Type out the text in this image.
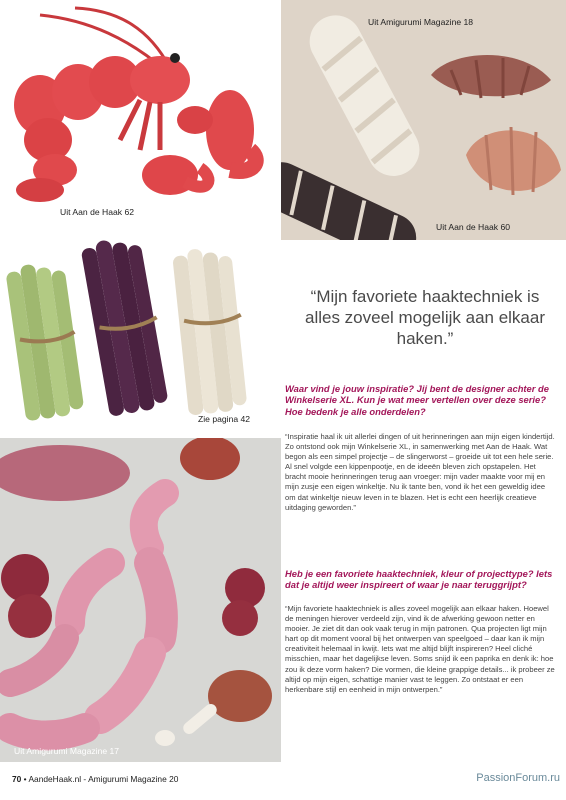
Uit Aan de Haak 62
Uit Amigurumi Magazine 18
Uit Aan de Haak 60
Zie pagina 42
Uit Amigurumi Magazine 17
“Mijn favoriete haaktechniek is alles zoveel mogelijk aan elkaar haken.”
Waar vind je jouw inspiratie? Jij bent de designer achter de Winkelserie XL. Kun je wat meer vertellen over deze serie? Hoe bedenk je alle onderdelen?
“Inspiratie haal ik uit allerlei dingen of uit herinneringen aan mijn eigen kindertijd. Zo ontstond ook mijn Winkelserie XL, in samenwerking met Aan de Haak. Wat begon als een simpel projectje – de slingerworst – groeide uit tot een hele serie. Al snel volgde een kippenpootje, en de ideeën bleven zich opstapelen. Het bracht mooie herinneringen terug aan vroeger: mijn vader maakte voor mij en mijn zusje een eigen winkeltje. Nu ik tante ben, vond ik het een geweldig idee om dat winkeltje nieuw leven in te blazen. Het is echt een heerlijk creatieve uitdaging geworden.”
Heb je een favoriete haaktechniek, kleur of projecttype? Iets dat je altijd weer inspireert of waar je naar teruggrijpt?
“Mijn favoriete haaktechniek is alles zoveel mogelijk aan elkaar haken. Hoewel de meningen hierover verdeeld zijn, vind ik de afwerking gewoon netter en mooier. Je ziet dit dan ook vaak terug in mijn patronen. Qua projecten ligt mijn hart op dit moment vooral bij het ontwerpen van speelgoed – daar kan ik mijn creativiteit helemaal in kwijt. Iets wat me altijd blijft inspireren? Heel cliché misschien, maar het dagelijkse leven. Soms snijd ik een paprika en denk ik: hoe zou ik deze vorm haken? Die vormen, die kleine grappige details... ik probeer ze altijd op mijn eigen, schattige manier vast te leggen. Zo ontstaat er een herkenbare stijl en eenheid in mijn ontwerpen.”
70 • AandeHaak.nl - Amigurumi Magazine 20	PassionForum.ru
